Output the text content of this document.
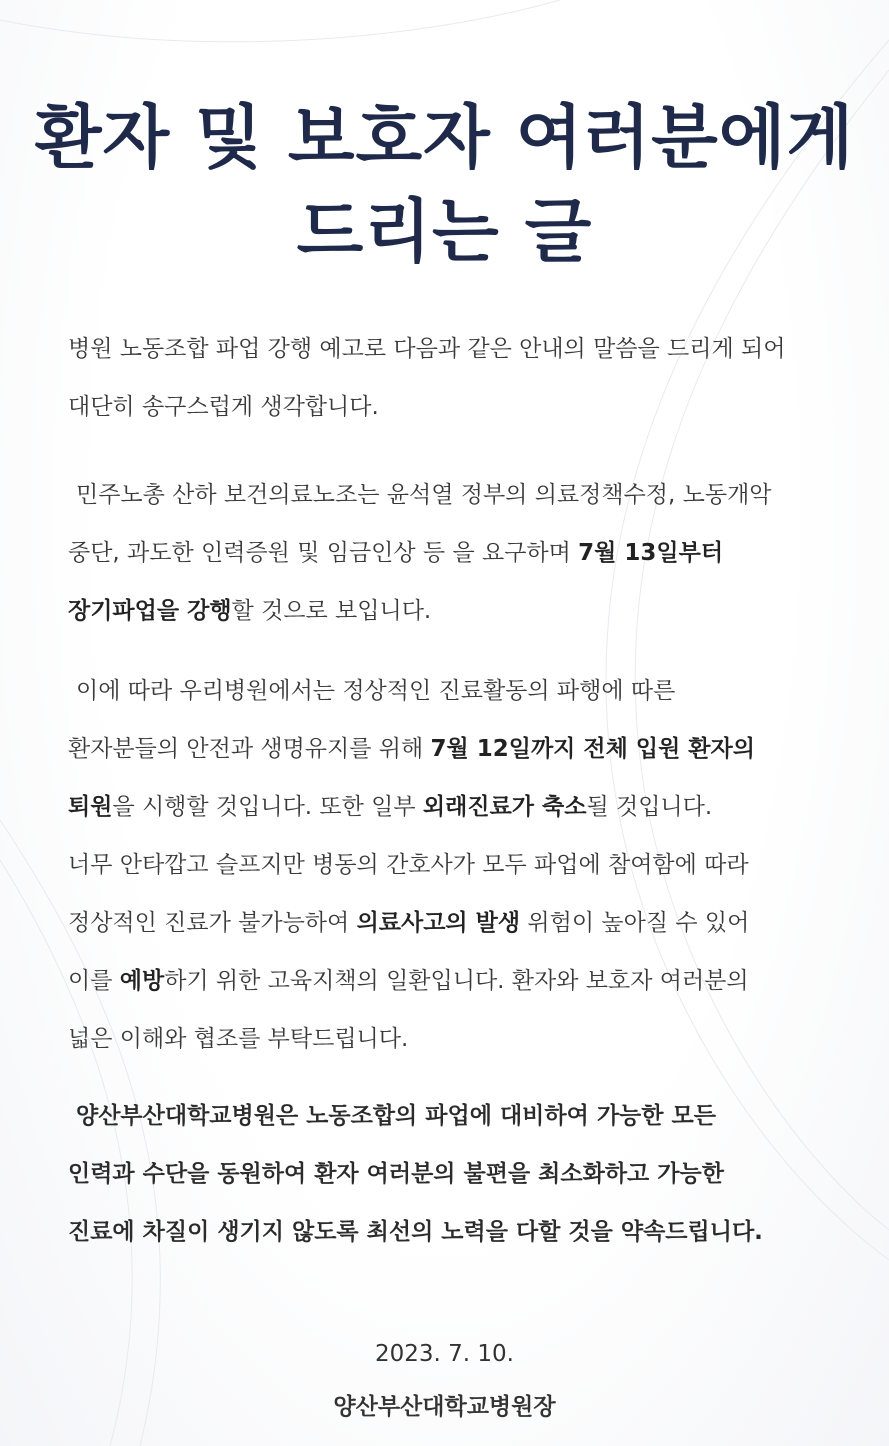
환자 및 보호자 여러분에게
드리는 글
병원 노동조합 파업 강행 예고로 다음과 같은 안내의 말씀을 드리게 되어
대단히 송구스럽게 생각합니다.
민주노총 산하 보건의료노조는 윤석열 정부의 의료정책수정, 노동개악
중단, 과도한 인력증원 및 임금인상 등 을 요구하며 7월 13일부터
장기파업을 강행할 것으로 보입니다.
이에 따라 우리병원에서는 정상적인 진료활동의 파행에 따른
환자분들의 안전과 생명유지를 위해 7월 12일까지 전체 입원 환자의
퇴원을 시행할 것입니다. 또한 일부 외래진료가 축소될 것입니다.
너무 안타깝고 슬프지만 병동의 간호사가 모두 파업에 참여함에 따라
정상적인 진료가 불가능하여 의료사고의 발생 위험이 높아질 수 있어
이를 예방하기 위한 고육지책의 일환입니다. 환자와 보호자 여러분의
넓은 이해와 협조를 부탁드립니다.
양산부산대학교병원은 노동조합의 파업에 대비하여 가능한 모든
인력과 수단을 동원하여 환자 여러분의 불편을 최소화하고 가능한
진료에 차질이 생기지 않도록 최선의 노력을 다할 것을 약속드립니다.
2023. 7. 10.
양산부산대학교병원장
